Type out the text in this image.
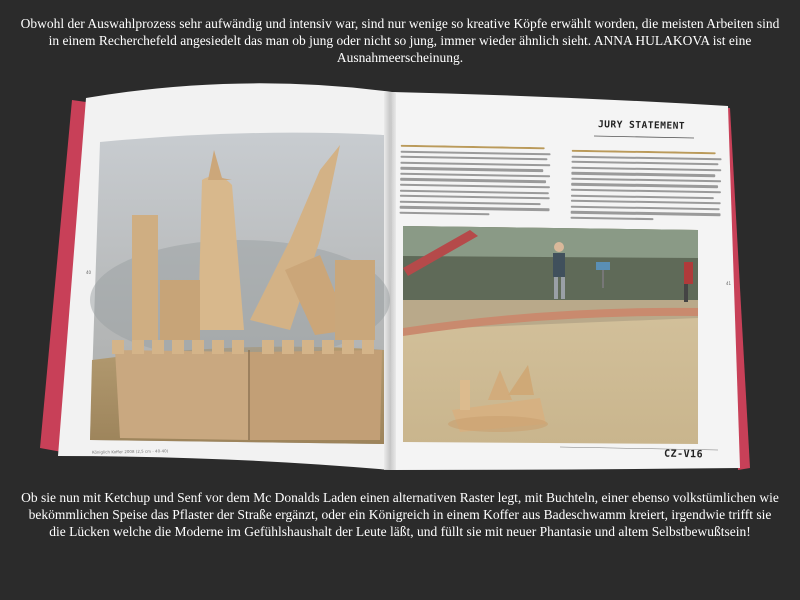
Obwohl der Auswahlprozess sehr aufwändig und intensiv war, sind nur wenige so kreative Köpfe erwählt worden, die meisten Arbeiten sind in einem Recherchefeld angesiedelt das man ob jung oder nicht so jung, immer wieder ähnlich sieht. ANNA HULAKOVA ist eine Ausnahmeerscheinung.
40
41
Königlich Koffer 2008 (2,5 cm - 40-40)
JURY STATEMENT
CZ-V16
Ob sie nun mit Ketchup und Senf vor dem Mc Donalds Laden einen alternativen Raster legt, mit Buchteln, einer ebenso volkstümlichen wie bekömmlichen Speise das Pflaster der Straße ergänzt, oder ein Königreich in einem Koffer aus Badeschwamm kreiert, irgendwie trifft sie die Lücken welche die Moderne im Gefühlshaushalt der Leute läßt, und füllt sie mit neuer Phantasie und altem Selbstbewußtsein!
